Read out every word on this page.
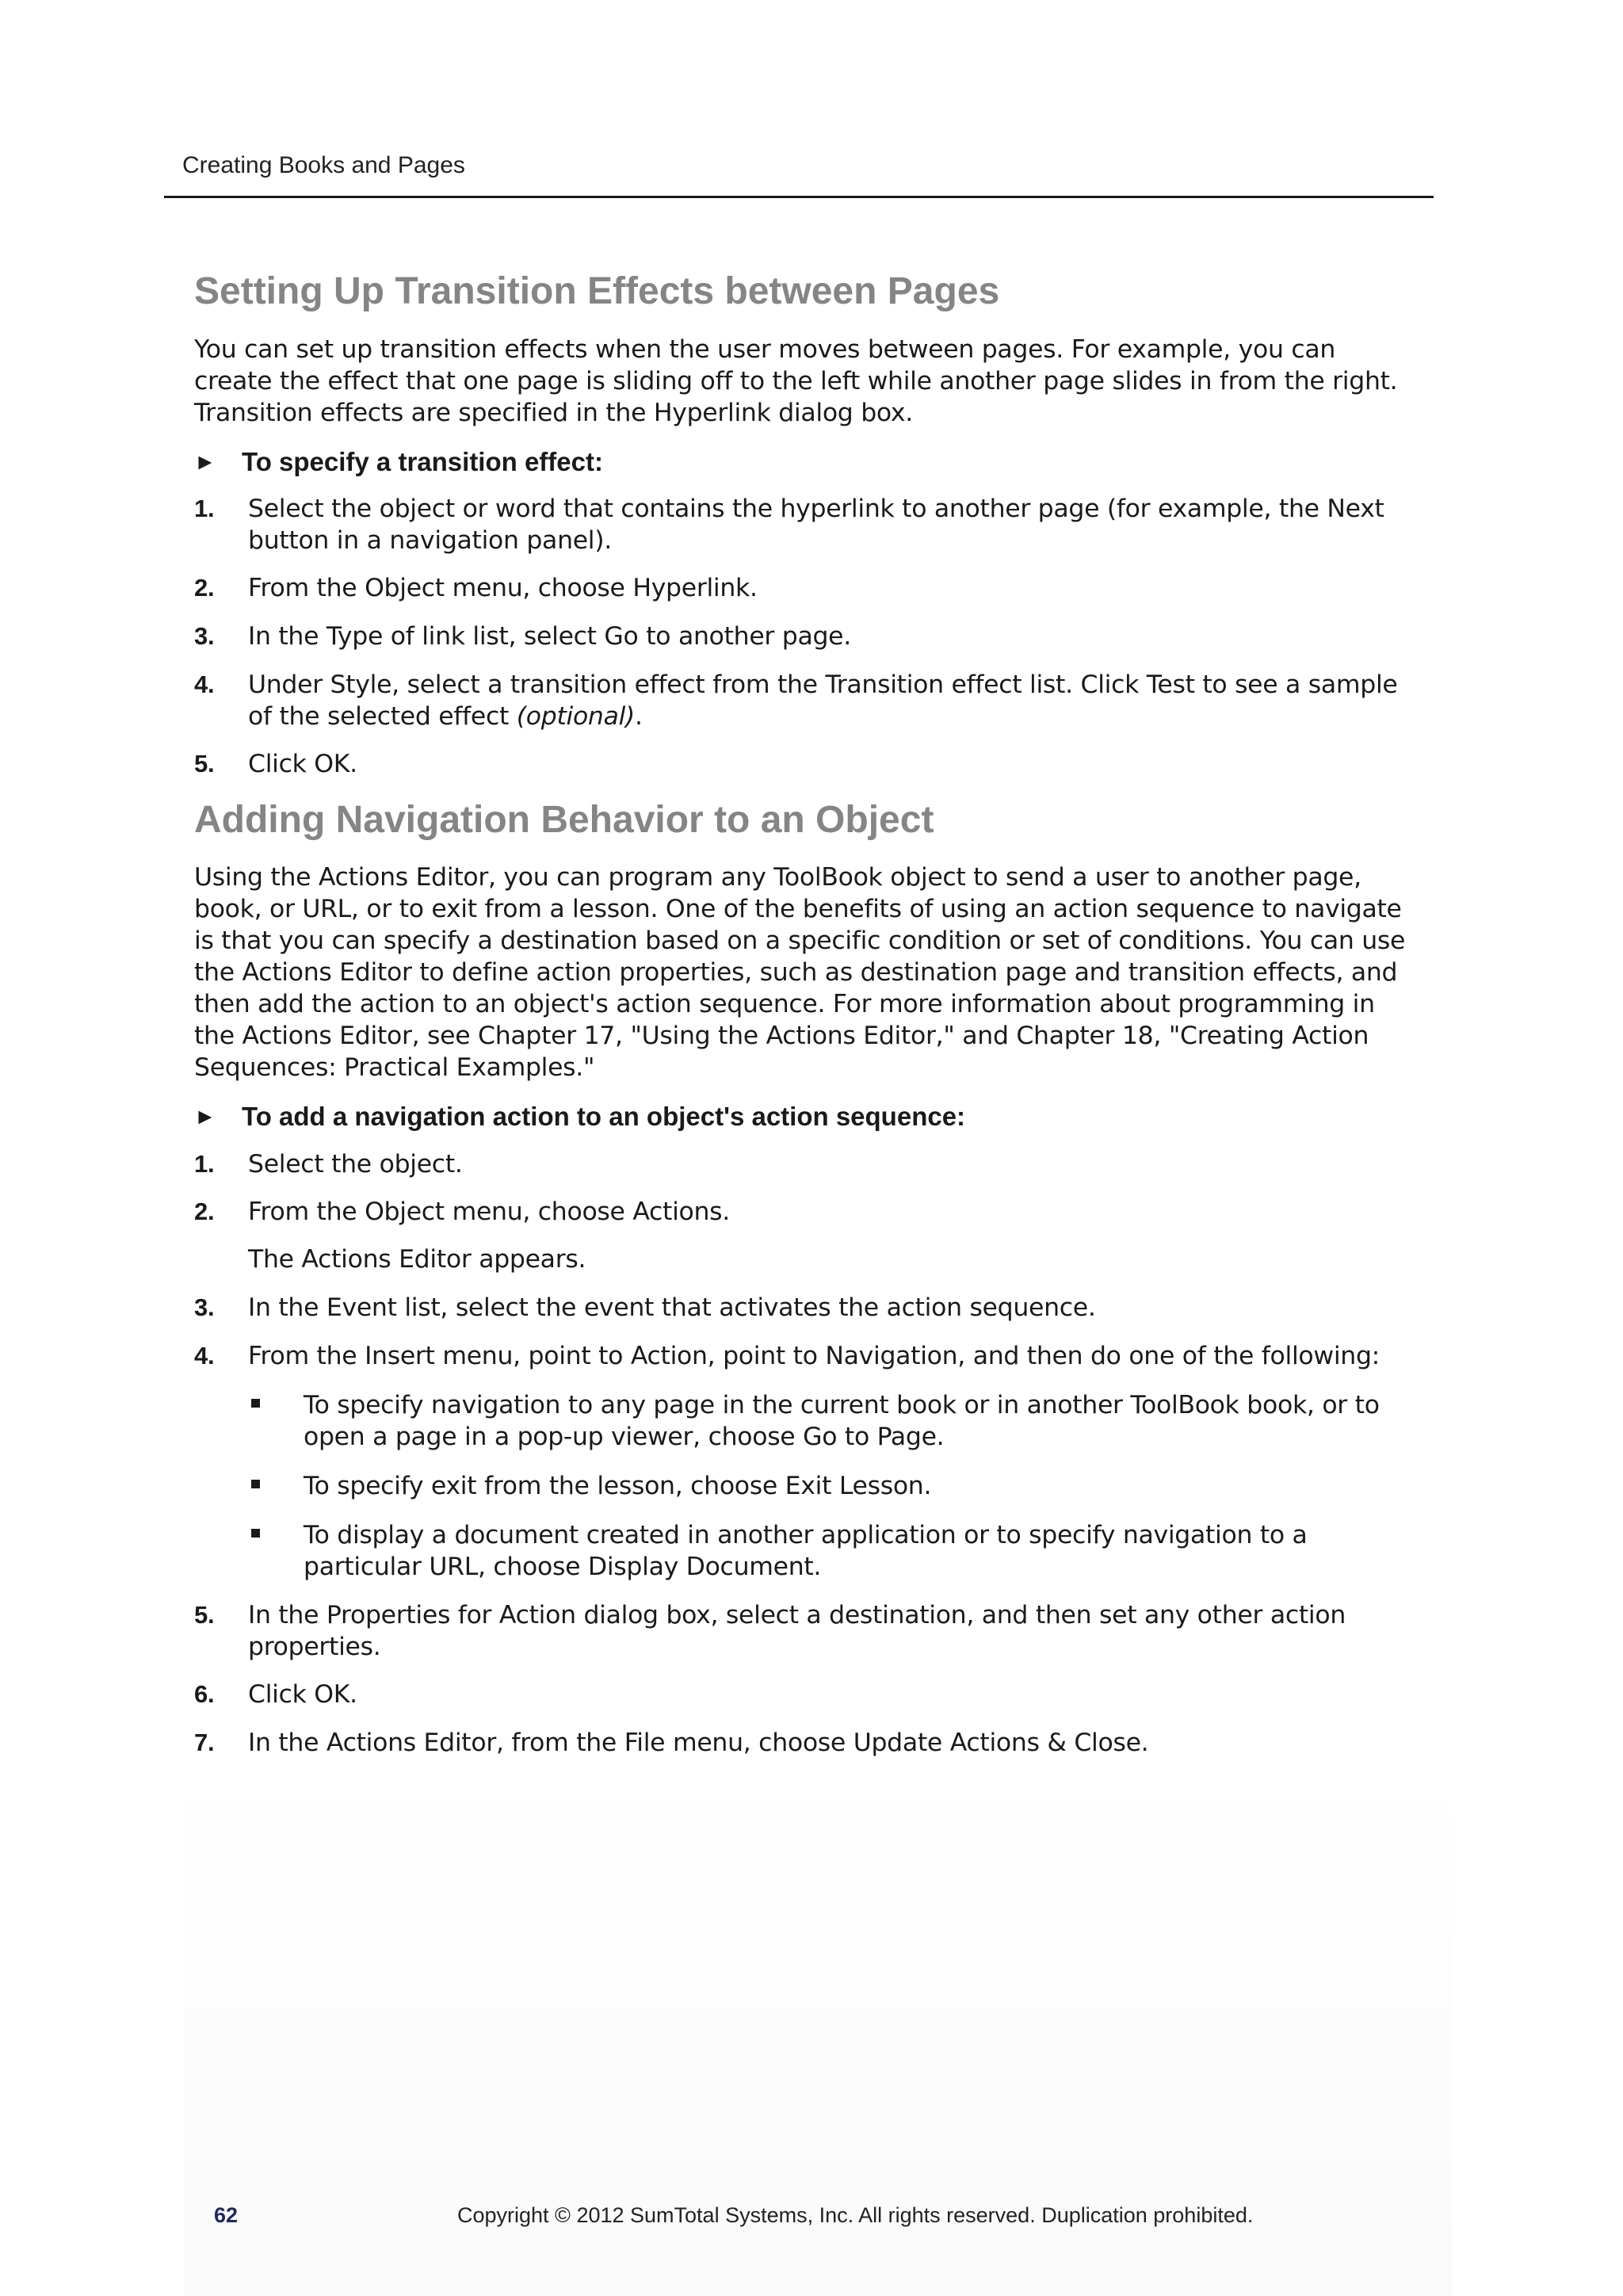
Creating Books and Pages
Setting Up Transition Effects between Pages

You can set up transition effects when the user moves between pages. For example, you can create the effect that one page is sliding off to the left while another page slides in from the right. Transition effects are specified in the Hyperlink dialog box.

► To specify a transition effect:
1. Select the object or word that contains the hyperlink to another page (for example, the Next button in a navigation panel).
2. From the Object menu, choose Hyperlink.
3. In the Type of link list, select Go to another page.
4. Under Style, select a transition effect from the Transition effect list. Click Test to see a sample of the selected effect (optional).
5. Click OK.
Adding Navigation Behavior to an Object

Using the Actions Editor, you can program any ToolBook object to send a user to another page, book, or URL, or to exit from a lesson. One of the benefits of using an action sequence to navigate is that you can specify a destination based on a specific condition or set of conditions. You can use the Actions Editor to define action properties, such as destination page and transition effects, and then add the action to an object's action sequence. For more information about programming in the Actions Editor, see Chapter 17, "Using the Actions Editor," and Chapter 18, "Creating Action Sequences: Practical Examples."

► To add a navigation action to an object's action sequence:
1. Select the object.
2. From the Object menu, choose Actions.
The Actions Editor appears.
3. In the Event list, select the event that activates the action sequence.
4. From the Insert menu, point to Action, point to Navigation, and then do one of the following:
To specify navigation to any page in the current book or in another ToolBook book, or to open a page in a pop-up viewer, choose Go to Page.
To specify exit from the lesson, choose Exit Lesson.
To display a document created in another application or to specify navigation to a particular URL, choose Display Document.
5. In the Properties for Action dialog box, select a destination, and then set any other action properties.
6. Click OK.
7. In the Actions Editor, from the File menu, choose Update Actions & Close.
62	Copyright © 2012 SumTotal Systems, Inc. All rights reserved. Duplication prohibited.
